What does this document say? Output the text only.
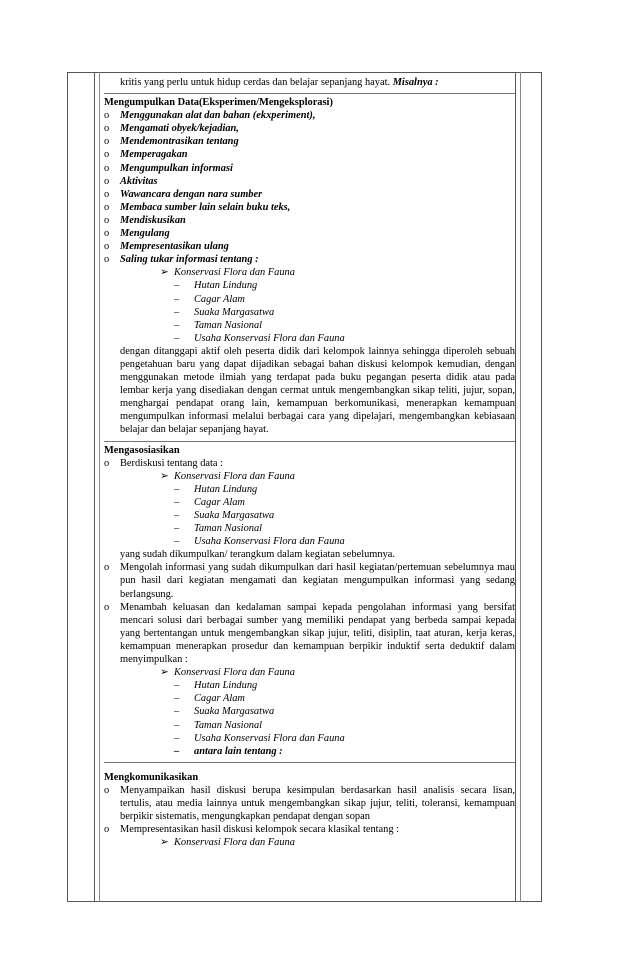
kritis yang perlu untuk hidup cerdas dan belajar sepanjang hayat. Misalnya :
Mengumpulkan Data(Eksperimen/Mengeksplorasi)
o Menggunakan alat dan bahan (ekxperiment),
o Mengamati obyek/kejadian,
o Mendemontrasikan tentang
o Memperagakan
o Mengumpulkan informasi
o Aktivitas
o Wawancara dengan nara sumber
o Membaca sumber lain selain buku teks,
o Mendiskusikan
o Mengulang
o Mempresentasikan ulang
o Saling tukar informasi tentang :
➢ Konservasi Flora dan Fauna
– Hutan Lindung
– Cagar Alam
– Suaka Margasatwa
– Taman Nasional
– Usaha Konservasi Flora dan Fauna
dengan ditanggapi aktif oleh peserta didik dari kelompok lainnya sehingga diperoleh sebuah pengetahuan baru yang dapat dijadikan sebagai bahan diskusi kelompok kemudian, dengan menggunakan metode ilmiah yang terdapat pada buku pegangan peserta didik atau pada lembar kerja yang disediakan dengan cermat untuk mengembangkan sikap teliti, jujur, sopan, menghargai pendapat orang lain, kemampuan berkomunikasi, menerapkan kemampuan mengumpulkan informasi melalui berbagai cara yang dipelajari, mengembangkan kebiasaan belajar dan belajar sepanjang hayat.
Mengasosiasikan
o Berdiskusi tentang data :
➢ Konservasi Flora dan Fauna
– Hutan Lindung
– Cagar Alam
– Suaka Margasatwa
– Taman Nasional
– Usaha Konservasi Flora dan Fauna
yang sudah dikumpulkan/ terangkum dalam kegiatan sebelumnya.
o Mengolah informasi yang sudah dikumpulkan dari hasil kegiatan/pertemuan sebelumnya mau pun hasil dari kegiatan mengamati dan kegiatan mengumpulkan informasi yang sedang berlangsung.
o Menambah keluasan dan kedalaman sampai kepada pengolahan informasi yang bersifat mencari solusi dari berbagai sumber yang memiliki pendapat yang berbeda sampai kepada yang bertentangan untuk mengembangkan sikap jujur, teliti, disiplin, taat aturan, kerja keras, kemampuan menerapkan prosedur dan kemampuan berpikir induktif serta deduktif dalam menyimpulkan :
➢ Konservasi Flora dan Fauna
– Hutan Lindung
– Cagar Alam
– Suaka Margasatwa
– Taman Nasional
– Usaha Konservasi Flora dan Fauna
– antara lain tentang :
Mengkomunikasikan
o Menyampaikan hasil diskusi berupa kesimpulan berdasarkan hasil analisis secara lisan, tertulis, atau media lainnya untuk mengembangkan sikap jujur, teliti, toleransi, kemampuan berpikir sistematis, mengungkapkan pendapat dengan sopan
o Mempresentasikan hasil diskusi kelompok secara klasikal tentang :
➢ Konservasi Flora dan Fauna
